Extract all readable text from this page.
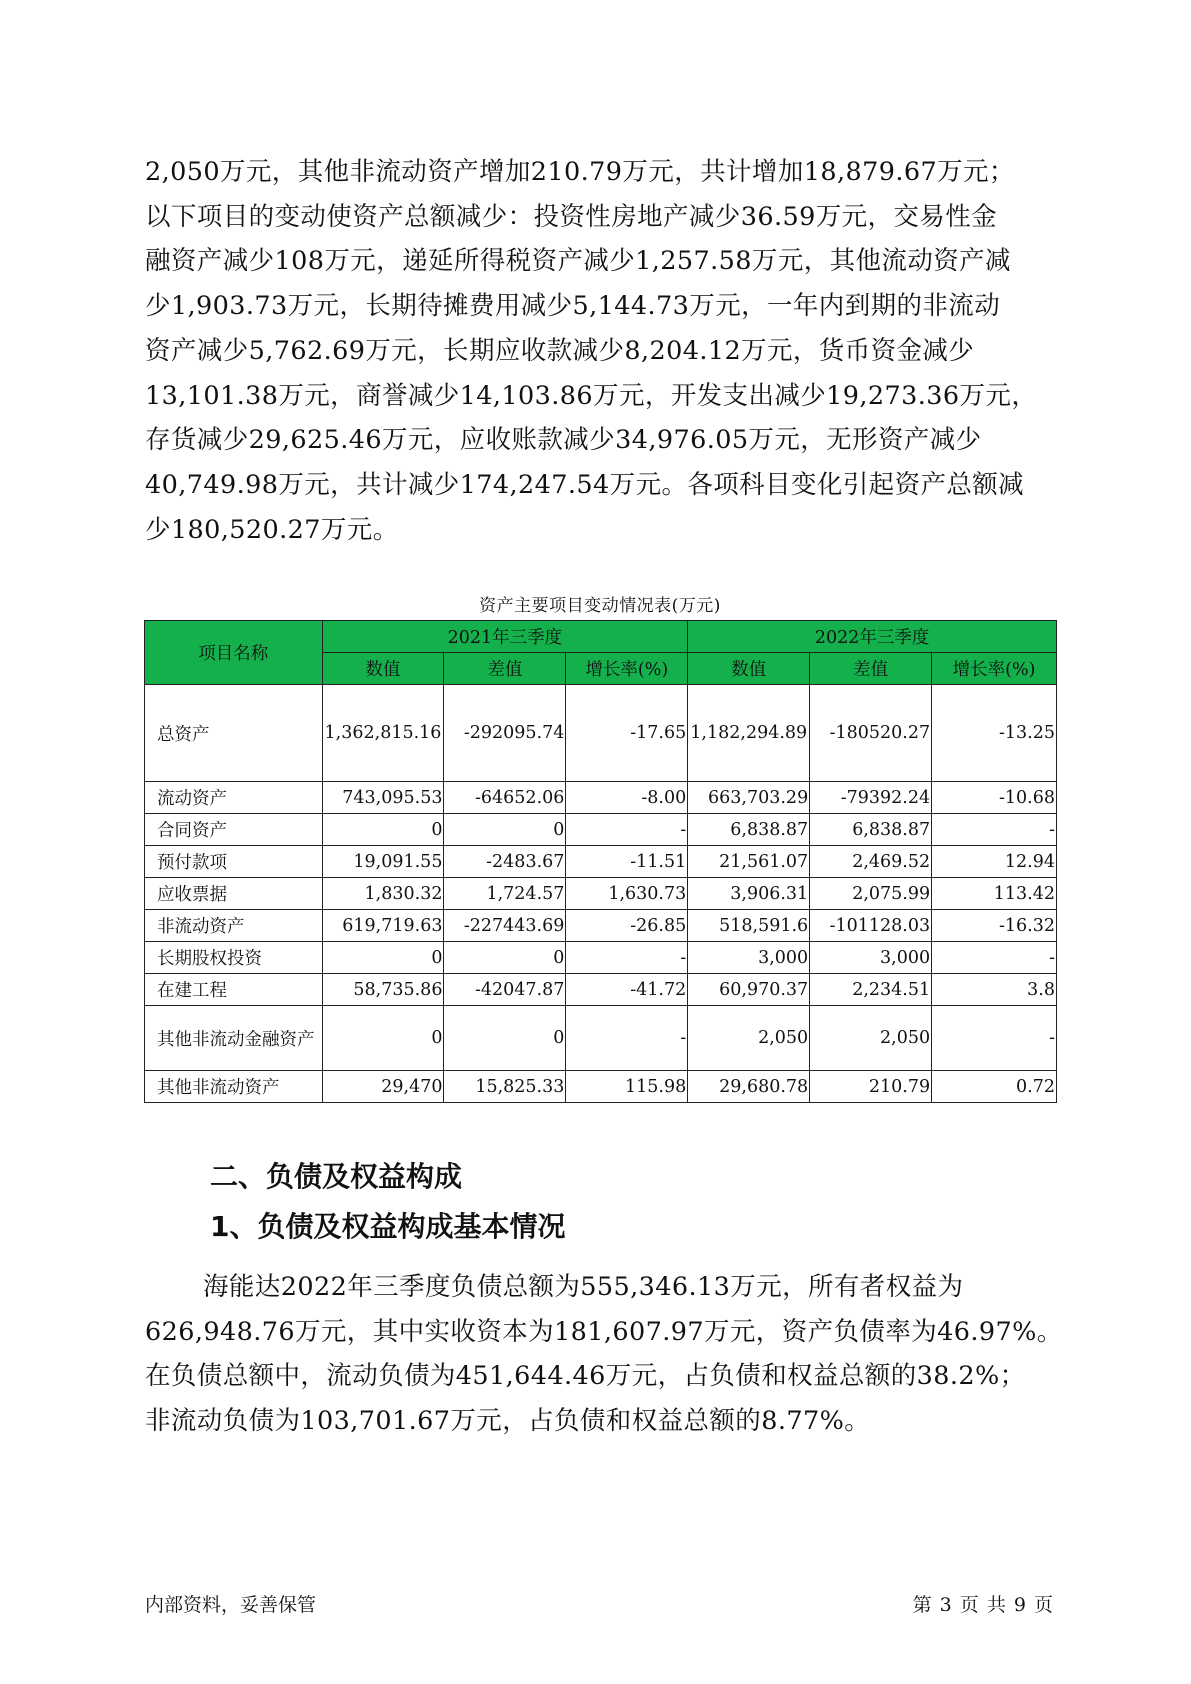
2,050万元，其他非流动资产增加210.79万元，共计增加18,879.67万元；
以下项目的变动使资产总额减少：投资性房地产减少36.59万元，交易性金
融资产减少108万元，递延所得税资产减少1,257.58万元，其他流动资产减
少1,903.73万元，长期待摊费用减少5,144.73万元，一年内到期的非流动
资产减少5,762.69万元，长期应收款减少8,204.12万元，货币资金减少
13,101.38万元，商誉减少14,103.86万元，开发支出减少19,273.36万元，
存货减少29,625.46万元，应收账款减少34,976.05万元，无形资产减少
40,749.98万元，共计减少174,247.54万元。各项科目变化引起资产总额减
少180,520.27万元。
资产主要项目变动情况表(万元)
项目名称	2021年三季度			2022年三季度		
	数值	差值	增长率(%)	数值	差值	增长率(%)
总资产	1,362,815.16	-292095.74	-17.65	1,182,294.89	-180520.27	-13.25
流动资产	743,095.53	-64652.06	-8.00	663,703.29	-79392.24	-10.68
合同资产	0	0	-	6,838.87	6,838.87	-
预付款项	19,091.55	-2483.67	-11.51	21,561.07	2,469.52	12.94
应收票据	1,830.32	1,724.57	1,630.73	3,906.31	2,075.99	113.42
非流动资产	619,719.63	-227443.69	-26.85	518,591.6	-101128.03	-16.32
长期股权投资	0	0	-	3,000	3,000	-
在建工程	58,735.86	-42047.87	-41.72	60,970.37	2,234.51	3.8
其他非流动金融资产	0	0	-	2,050	2,050	-
其他非流动资产	29,470	15,825.33	115.98	29,680.78	210.79	0.72
二、负债及权益构成
1、负债及权益构成基本情况
海能达2022年三季度负债总额为555,346.13万元，所有者权益为
626,948.76万元，其中实收资本为181,607.97万元，资产负债率为46.97%。
在负债总额中，流动负债为451,644.46万元，占负债和权益总额的38.2%；
非流动负债为103,701.67万元，占负债和权益总额的8.77%。
内部资料，妥善保管	第 3 页 共 9 页
